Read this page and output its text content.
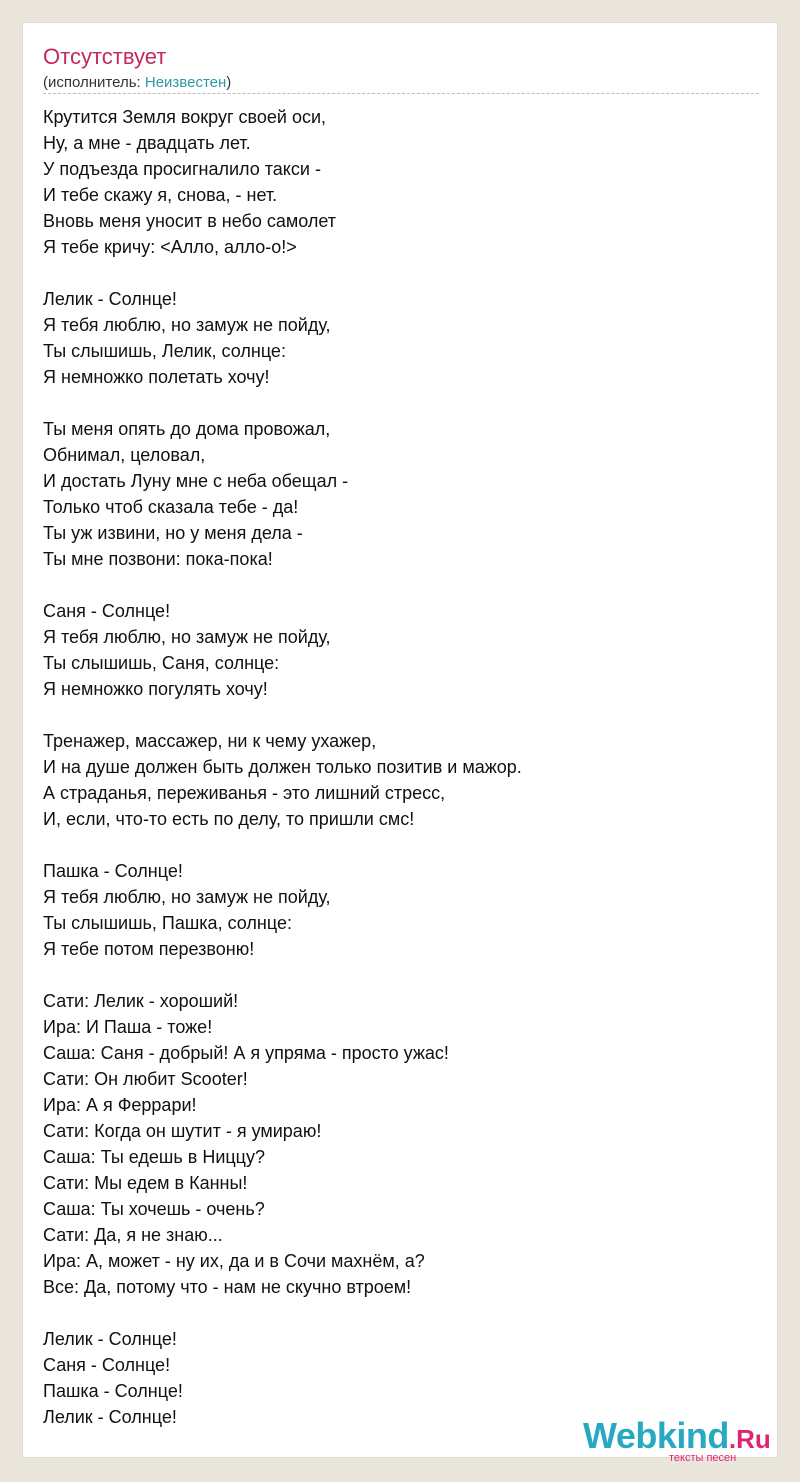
Отсутствует
(исполнитель: Неизвестен)
Крутится Земля вокруг своей оси,
Ну, а мне - двадцать лет.
У подъезда просигналило такси -
И тебе скажу я, снова, - нет.
Вновь меня уносит в небо самолет
Я тебе кричу: <Алло, алло-о!>
Лелик - Солнце!
Я тебя люблю, но замуж не пойду,
Ты слышишь, Лелик, солнце:
Я немножко полетать хочу!
Ты меня опять до дома провожал,
Обнимал, целовал,
И достать Луну мне с неба обещал -
Только чтоб сказала тебе - да!
Ты уж извини, но у меня дела -
Ты мне позвони: пока-пока!
Саня - Солнце!
Я тебя люблю, но замуж не пойду,
Ты слышишь, Саня, солнце:
Я немножко погулять хочу!
Тренажер, массажер, ни к чему ухажер,
И на душе должен быть должен только позитив и мажор.
А страданья, переживанья - это лишний стресс,
И, если, что-то есть по делу, то пришли смс!
Пашка - Солнце!
Я тебя люблю, но замуж не пойду,
Ты слышишь, Пашка, солнце:
Я тебе потом перезвоню!
Сати: Лелик - хороший!
Ира: И Паша - тоже!
Саша: Саня - добрый! А я упряма - просто ужас!
Сати: Он любит Scooter!
Ира: А я Феррари!
Сати: Когда он шутит - я умираю!
Саша: Ты едешь в Ниццу?
Сати: Мы едем в Канны!
Саша: Ты хочешь - очень?
Сати: Да, я не знаю...
Ира: А, может - ну их, да и в Сочи махнём, а?
Все: Да, потому что - нам не скучно втроем!
Лелик - Солнце!
Саня - Солнце!
Пашка - Солнце!
Лелик - Солнце!	Webkind.Ru
тексты песен
